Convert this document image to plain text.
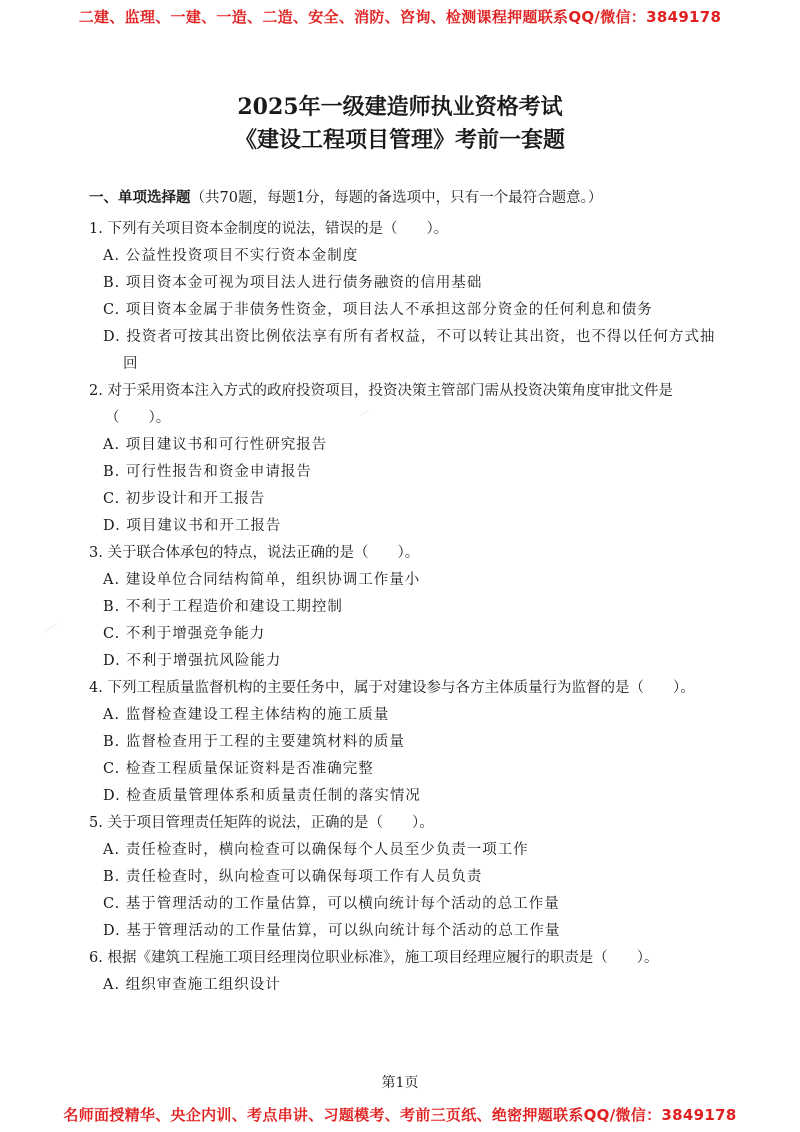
二建、监理、一建、一造、二造、安全、消防、咨询、检测课程押题联系QQ/微信：3849178
2025年一级建造师执业资格考试
《建设工程项目管理》考前一套题
一、单项选择题（共70题，每题1分，每题的备选项中，只有一个最符合题意。）
1. 下列有关项目资本金制度的说法，错误的是（　　）。
A. 公益性投资项目不实行资本金制度
B. 项目资本金可视为项目法人进行债务融资的信用基础
C. 项目资本金属于非债务性资金，项目法人不承担这部分资金的任何利息和债务
D. 投资者可按其出资比例依法享有所有者权益，不可以转让其出资，也不得以任何方式抽回
2. 对于采用资本注入方式的政府投资项目，投资决策主管部门需从投资决策角度审批文件是（　　）。
A. 项目建议书和可行性研究报告
B. 可行性报告和资金申请报告
C. 初步设计和开工报告
D. 项目建议书和开工报告
3. 关于联合体承包的特点，说法正确的是（　　）。
A. 建设单位合同结构简单，组织协调工作量小
B. 不利于工程造价和建设工期控制
C. 不利于增强竞争能力
D. 不利于增强抗风险能力
4. 下列工程质量监督机构的主要任务中，属于对建设参与各方主体质量行为监督的是（　　）。
A. 监督检查建设工程主体结构的施工质量
B. 监督检查用于工程的主要建筑材料的质量
C. 检查工程质量保证资料是否准确完整
D. 检查质量管理体系和质量责任制的落实情况
5. 关于项目管理责任矩阵的说法，正确的是（　　）。
A. 责任检查时，横向检查可以确保每个人员至少负责一项工作
B. 责任检查时，纵向检查可以确保每项工作有人员负责
C. 基于管理活动的工作量估算，可以横向统计每个活动的总工作量
D. 基于管理活动的工作量估算，可以纵向统计每个活动的总工作量
6. 根据《建筑工程施工项目经理岗位职业标准》，施工项目经理应履行的职责是（　　）。
A. 组织审查施工组织设计
·····
·········
第1页
名师面授精华、央企内训、考点串讲、习题模考、考前三页纸、绝密押题联系QQ/微信：3849178
